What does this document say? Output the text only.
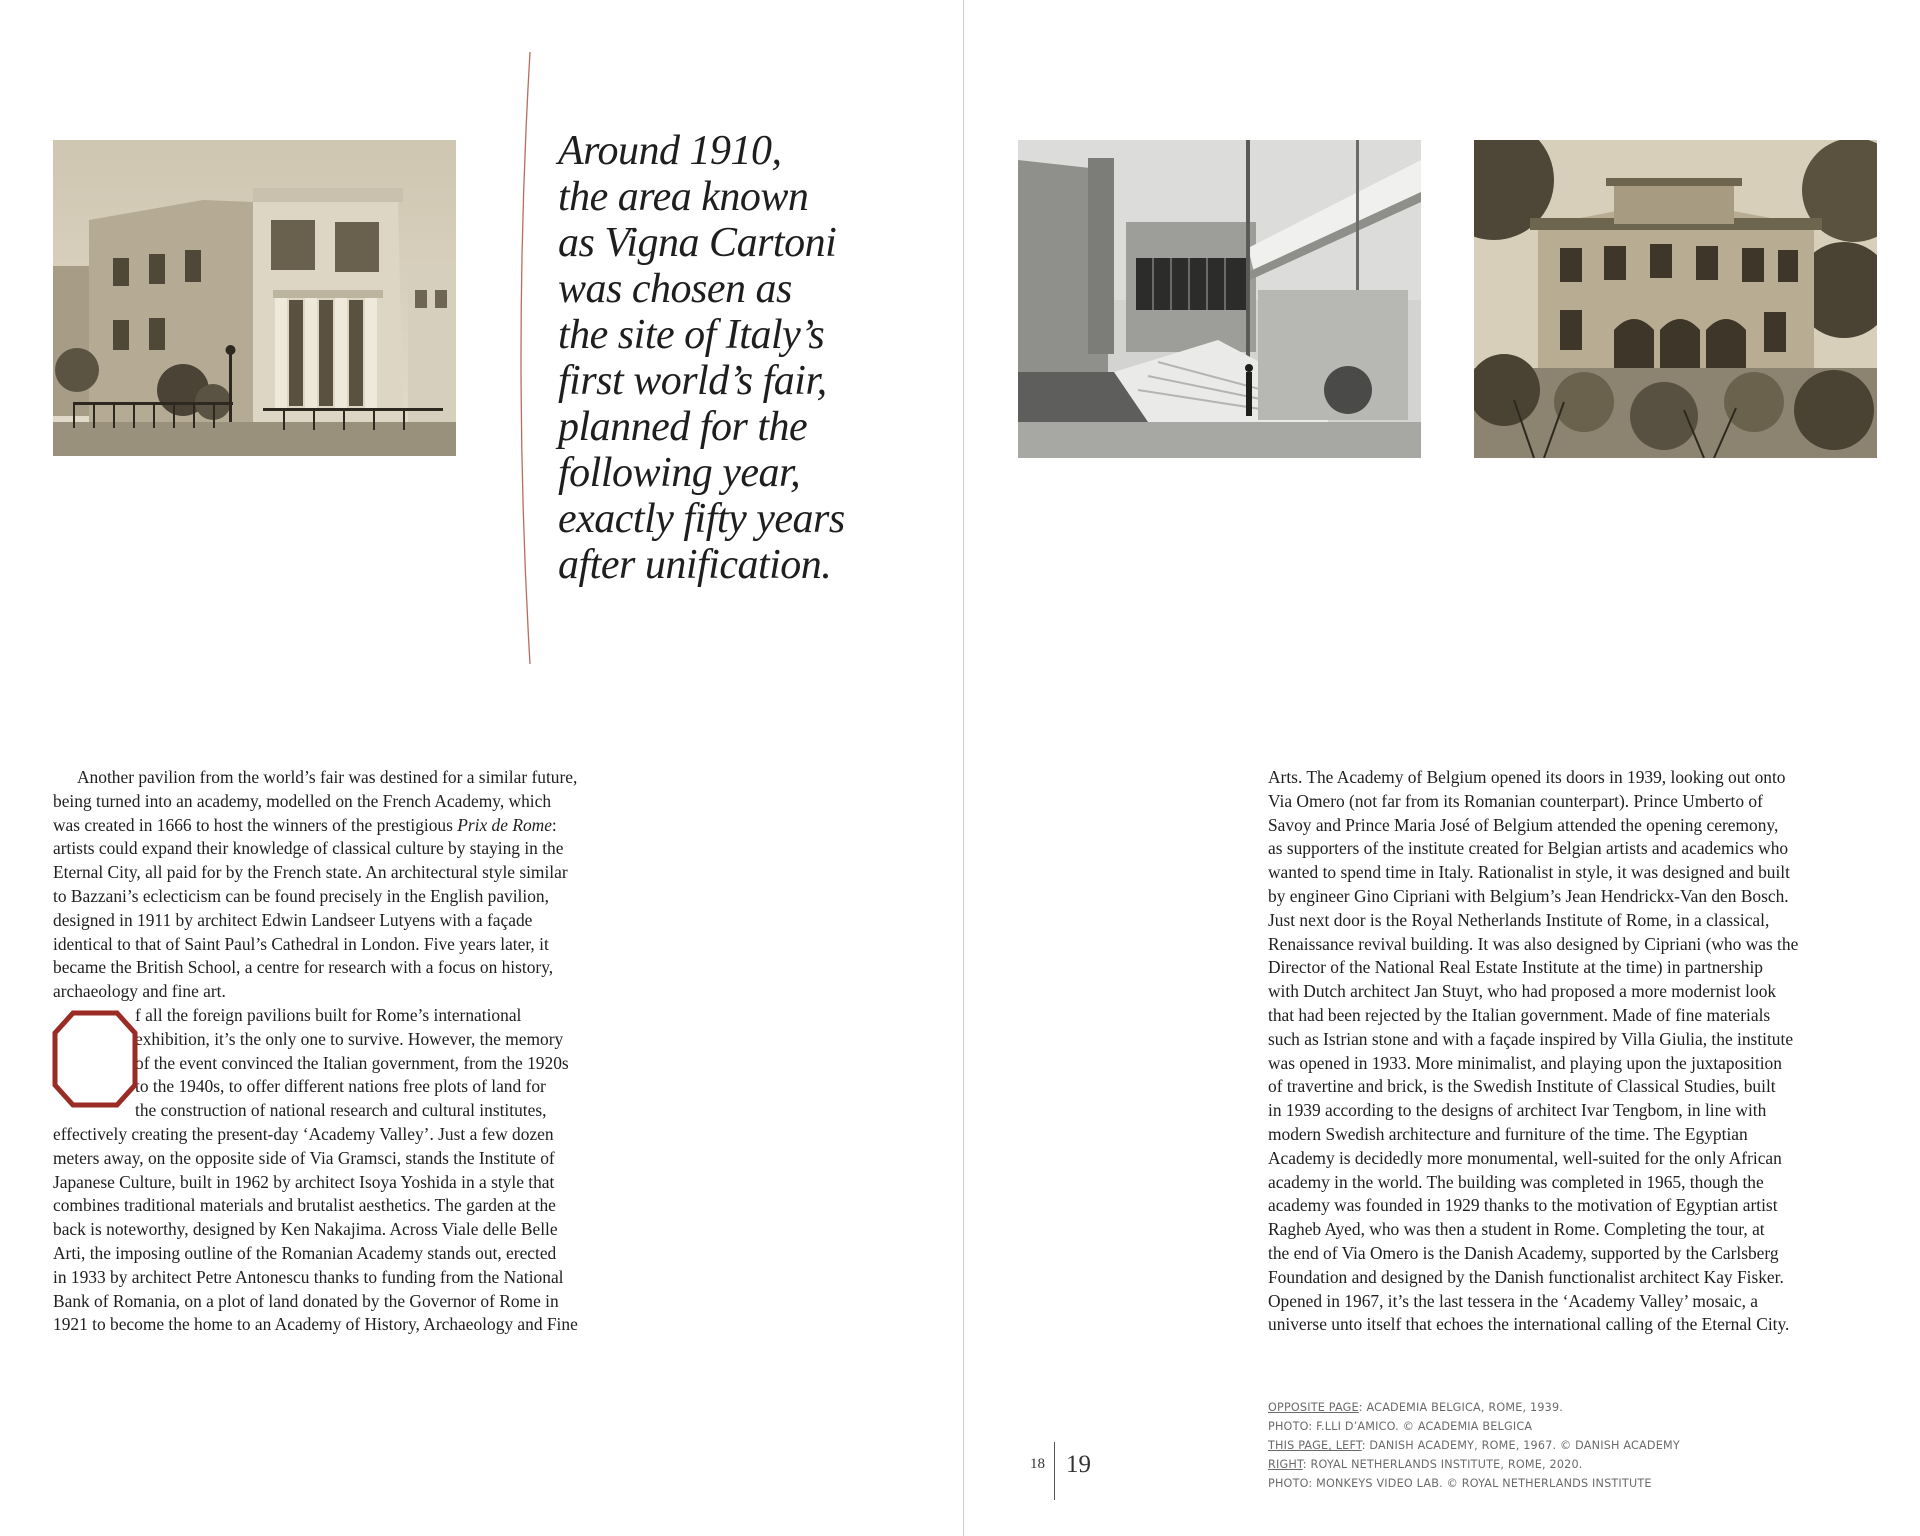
Around 1910,
the area known
as Vigna Cartoni
was chosen as
the site of Italy’s
first world’s fair,
planned for the
following year,
exactly fifty years
after unification.
Another pavilion from the world’s fair was destined for a similar future,
being turned into an academy, modelled on the French Academy, which
was created in 1666 to host the winners of the prestigious Prix de Rome:
artists could expand their knowledge of classical culture by staying in the
Eternal City, all paid for by the French state. An architectural style similar
to Bazzani’s eclecticism can be found precisely in the English pavilion,
designed in 1911 by architect Edwin Landseer Lutyens with a façade
identical to that of Saint Paul’s Cathedral in London. Five years later, it
became the British School, a centre for research with a focus on history,
archaeology and fine art.
f all the foreign pavilions built for Rome’s international
exhibition, it’s the only one to survive. However, the memory
of the event convinced the Italian government, from the 1920s
to the 1940s, to offer different nations free plots of land for
the construction of national research and cultural institutes,
effectively creating the present-day ‘Academy Valley’. Just a few dozen
meters away, on the opposite side of Via Gramsci, stands the Institute of
Japanese Culture, built in 1962 by architect Isoya Yoshida in a style that
combines traditional materials and brutalist aesthetics. The garden at the
back is noteworthy, designed by Ken Nakajima. Across Viale delle Belle
Arti, the imposing outline of the Romanian Academy stands out, erected
in 1933 by architect Petre Antonescu thanks to funding from the National
Bank of Romania, on a plot of land donated by the Governor of Rome in
1921 to become the home to an Academy of History, Archaeology and Fine
Arts. The Academy of Belgium opened its doors in 1939, looking out onto
Via Omero (not far from its Romanian counterpart). Prince Umberto of
Savoy and Prince Maria José of Belgium attended the opening ceremony,
as supporters of the institute created for Belgian artists and academics who
wanted to spend time in Italy. Rationalist in style, it was designed and built
by engineer Gino Cipriani with Belgium’s Jean Hendrickx-Van den Bosch.
Just next door is the Royal Netherlands Institute of Rome, in a classical,
Renaissance revival building. It was also designed by Cipriani (who was the
Director of the National Real Estate Institute at the time) in partnership
with Dutch architect Jan Stuyt, who had proposed a more modernist look
that had been rejected by the Italian government. Made of fine materials
such as Istrian stone and with a façade inspired by Villa Giulia, the institute
was opened in 1933. More minimalist, and playing upon the juxtaposition
of travertine and brick, is the Swedish Institute of Classical Studies, built
in 1939 according to the designs of architect Ivar Tengbom, in line with
modern Swedish architecture and furniture of the time. The Egyptian
Academy is decidedly more monumental, well-suited for the only African
academy in the world. The building was completed in 1965, though the
academy was founded in 1929 thanks to the motivation of Egyptian artist
Ragheb Ayed, who was then a student in Rome. Completing the tour, at
the end of Via Omero is the Danish Academy, supported by the Carlsberg
Foundation and designed by the Danish functionalist architect Kay Fisker.
Opened in 1967, it’s the last tessera in the ‘Academy Valley’ mosaic, a
universe unto itself that echoes the international calling of the Eternal City.
18 19
OPPOSITE PAGE: ACADEMIA BELGICA, ROME, 1939.
PHOTO: F.LLI D’AMICO. © ACADEMIA BELGICA
THIS PAGE, LEFT: DANISH ACADEMY, ROME, 1967. © DANISH ACADEMY
RIGHT: ROYAL NETHERLANDS INSTITUTE, ROME, 2020.
PHOTO: MONKEYS VIDEO LAB. © ROYAL NETHERLANDS INSTITUTE
